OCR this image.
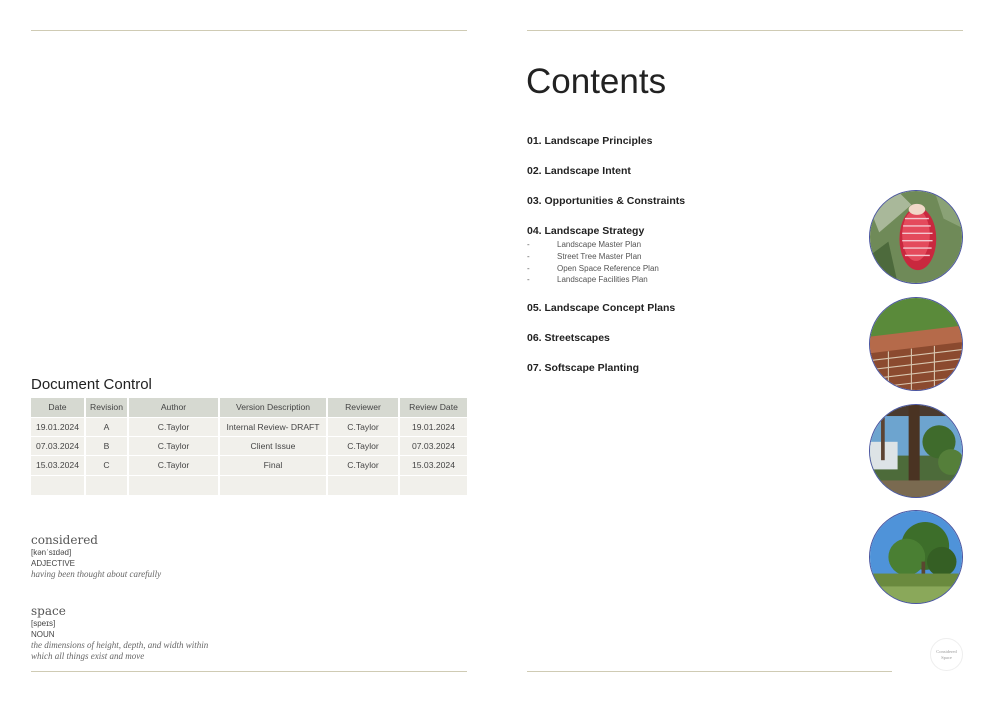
Document Control
Date	Revision	Author	Version Description	Reviewer	Review Date
19.01.2024	A	C.Taylor	Internal Review- DRAFT	C.Taylor	19.01.2024
07.03.2024	B	C.Taylor	Client Issue	C.Taylor	07.03.2024
15.03.2024	C	C.Taylor	Final	C.Taylor	15.03.2024

considered
[kənˈsɪdəd]
ADJECTIVE
having been thought about carefully
space
[speɪs]
NOUN
the dimensions of height, depth, and width within
which all things exist and move
Contents
01. Landscape Principles
02. Landscape Intent
03. Opportunities & Constraints
04. Landscape Strategy
-	Landscape Master Plan
-	Street Tree Master Plan
-	Open Space Reference Plan
-	Landscape Facilities Plan
05. Landscape Concept Plans
06. Streetscapes
07. Softscape Planting
Considered
Space
